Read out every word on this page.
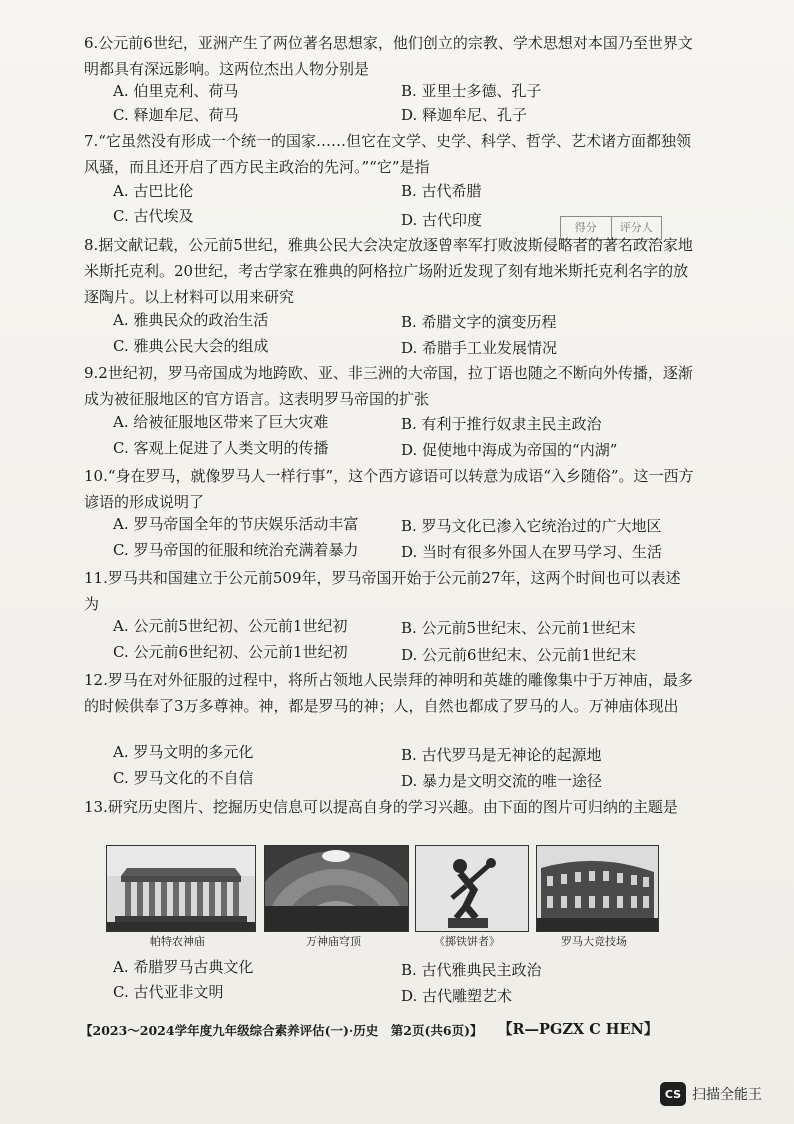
得分	评分人
6.公元前6世纪，亚洲产生了两位著名思想家，他们创立的宗教、学术思想对本国乃至世界文明都具有深远影响。这两位杰出人物分别是
A. 伯里克利、荷马	B. 亚里士多德、孔子
C. 释迦牟尼、荷马	D. 释迦牟尼、孔子
7.“它虽然没有形成一个统一的国家……但它在文学、史学、科学、哲学、艺术诸方面都独领风骚，而且还开启了西方民主政治的先河。”“它”是指
A. 古巴比伦	B. 古代希腊
C. 古代埃及	D. 古代印度
8.据文献记载，公元前5世纪，雅典公民大会决定放逐曾率军打败波斯侵略者的著名政治家地米斯托克利。20世纪，考古学家在雅典的阿格拉广场附近发现了刻有地米斯托克利名字的放逐陶片。以上材料可以用来研究
A. 雅典民众的政治生活	B. 希腊文字的演变历程
C. 雅典公民大会的组成	D. 希腊手工业发展情况
9.2世纪初，罗马帝国成为地跨欧、亚、非三洲的大帝国，拉丁语也随之不断向外传播，逐渐成为被征服地区的官方语言。这表明罗马帝国的扩张
A. 给被征服地区带来了巨大灾难	B. 有利于推行奴隶主民主政治
C. 客观上促进了人类文明的传播	D. 促使地中海成为帝国的“内湖”
10.“身在罗马，就像罗马人一样行事”，这个西方谚语可以转意为成语“入乡随俗”。这一西方谚语的形成说明了
A. 罗马帝国全年的节庆娱乐活动丰富	B. 罗马文化已渗入它统治过的广大地区
C. 罗马帝国的征服和统治充满着暴力	D. 当时有很多外国人在罗马学习、生活
11.罗马共和国建立于公元前509年，罗马帝国开始于公元前27年，这两个时间也可以表述为
A. 公元前5世纪初、公元前1世纪初	B. 公元前5世纪末、公元前1世纪末
C. 公元前6世纪初、公元前1世纪初	D. 公元前6世纪末、公元前1世纪末
12.罗马在对外征服的过程中，将所占领地人民崇拜的神明和英雄的雕像集中于万神庙，最多的时候供奉了3万多尊神。神，都是罗马的神；人，自然也都成了罗马的人。万神庙体现出
A. 罗马文明的多元化	B. 古代罗马是无神论的起源地
C. 罗马文化的不自信	D. 暴力是文明交流的唯一途径
13.研究历史图片、挖掘历史信息可以提高自身的学习兴趣。由下面的图片可归纳的主题是
帕特农神庙	万神庙穹顶	《掷铁饼者》	罗马大竞技场
A. 希腊罗马古典文化	B. 古代雅典民主政治
C. 古代亚非文明	D. 古代雕塑艺术
【2023～2024学年度九年级综合素养评估(一)·历史　第2页(共6页)】 【R—PGZX C HEN】
CS 扫描全能王
